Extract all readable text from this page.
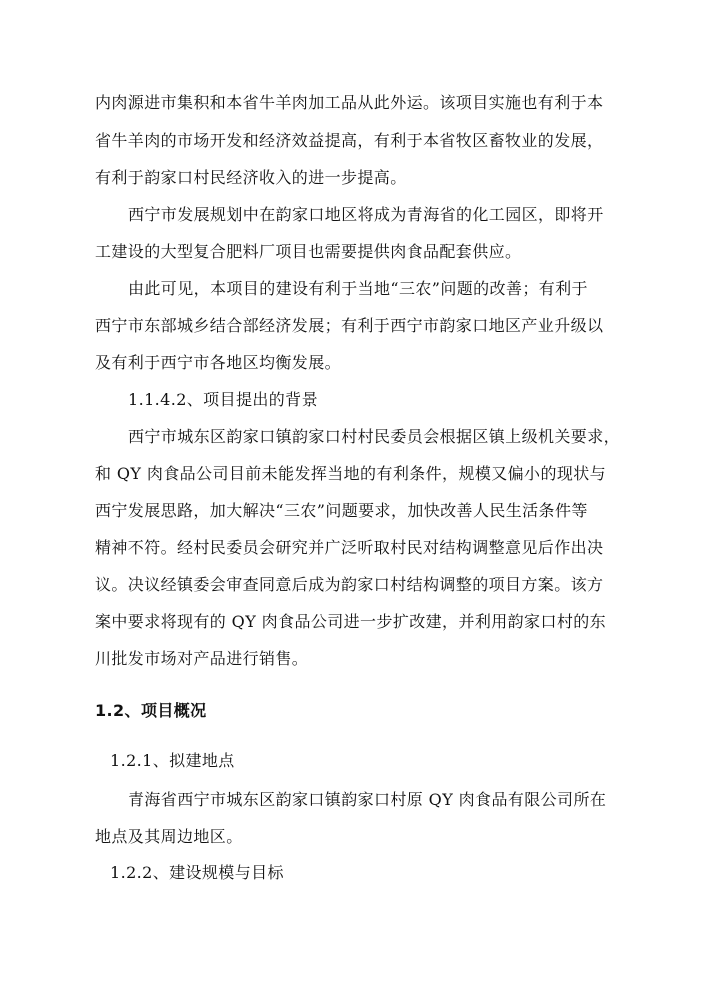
内肉源进市集积和本省牛羊肉加工品从此外运。该项目实施也有利于本
省牛羊肉的市场开发和经济效益提高，有利于本省牧区畜牧业的发展，
有利于韵家口村民经济收入的进一步提高。
西宁市发展规划中在韵家口地区将成为青海省的化工园区，即将开
工建设的大型复合肥料厂项目也需要提供肉食品配套供应。
由此可见，本项目的建设有利于当地“三农”问题的改善；有利于
西宁市东部城乡结合部经济发展；有利于西宁市韵家口地区产业升级以
及有利于西宁市各地区均衡发展。
1.1.4.2、项目提出的背景
西宁市城东区韵家口镇韵家口村村民委员会根据区镇上级机关要求，
和 QY 肉食品公司目前未能发挥当地的有利条件，规模又偏小的现状与
西宁发展思路，加大解决“三农”问题要求，加快改善人民生活条件等
精神不符。经村民委员会研究并广泛听取村民对结构调整意见后作出决
议。决议经镇委会审查同意后成为韵家口村结构调整的项目方案。该方
案中要求将现有的 QY 肉食品公司进一步扩改建，并利用韵家口村的东
川批发市场对产品进行销售。
1.2、项目概况
1.2.1、拟建地点
青海省西宁市城东区韵家口镇韵家口村原 QY 肉食品有限公司所在
地点及其周边地区。
1.2.2、建设规模与目标
